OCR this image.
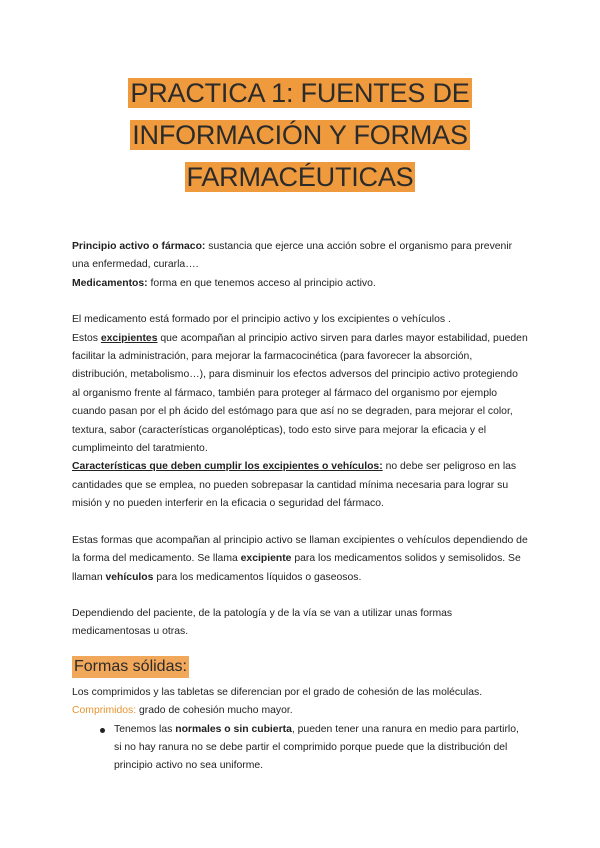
PRACTICA 1: FUENTES DE
INFORMACIÓN Y FORMAS
FARMACÉUTICAS

Principio activo o fármaco: sustancia que ejerce una acción sobre el organismo para prevenir una enfermedad, curarla….

Medicamentos: forma en que tenemos acceso al principio activo.

El medicamento está formado por el principio activo y los excipientes o vehículos .

Estos excipientes que acompañan al principio activo sirven para darles mayor estabilidad, pueden facilitar la administración, para mejorar la farmacocinética (para favorecer la absorción, distribución, metabolismo…), para disminuir los efectos adversos del principio activo protegiendo al organismo frente al fármaco, también para proteger al fármaco del organismo por ejemplo cuando pasan por el ph ácido del estómago para que así no se degraden, para mejorar el color, textura, sabor (características organolépticas), todo esto sirve para mejorar la eficacia y el cumplimeinto del taratmiento.

Características que deben cumplir los excipientes o vehículos: no debe ser peligroso en las cantidades que se emplea, no pueden sobrepasar la cantidad mínima necesaria para lograr su misión y no pueden interferir en la eficacia o seguridad del fármaco.

Estas formas que acompañan al principio activo se llaman excipientes o vehículos dependiendo de la forma del medicamento. Se llama excipiente para los medicamentos solidos y semisolidos. Se llaman vehículos para los medicamentos líquidos o gaseosos.

Dependiendo del paciente, de la patología y de la vía se van a utilizar unas formas medicamentosas u otras.

Formas sólidas:

Los comprimidos y las tabletas se diferencian por el grado de cohesión de las moléculas.

Comprimidos: grado de cohesión mucho mayor.

Tenemos las normales o sin cubierta, pueden tener una ranura en medio para partirlo, si no hay ranura no se debe partir el comprimido porque puede que la distribución del principio activo no sea uniforme.
